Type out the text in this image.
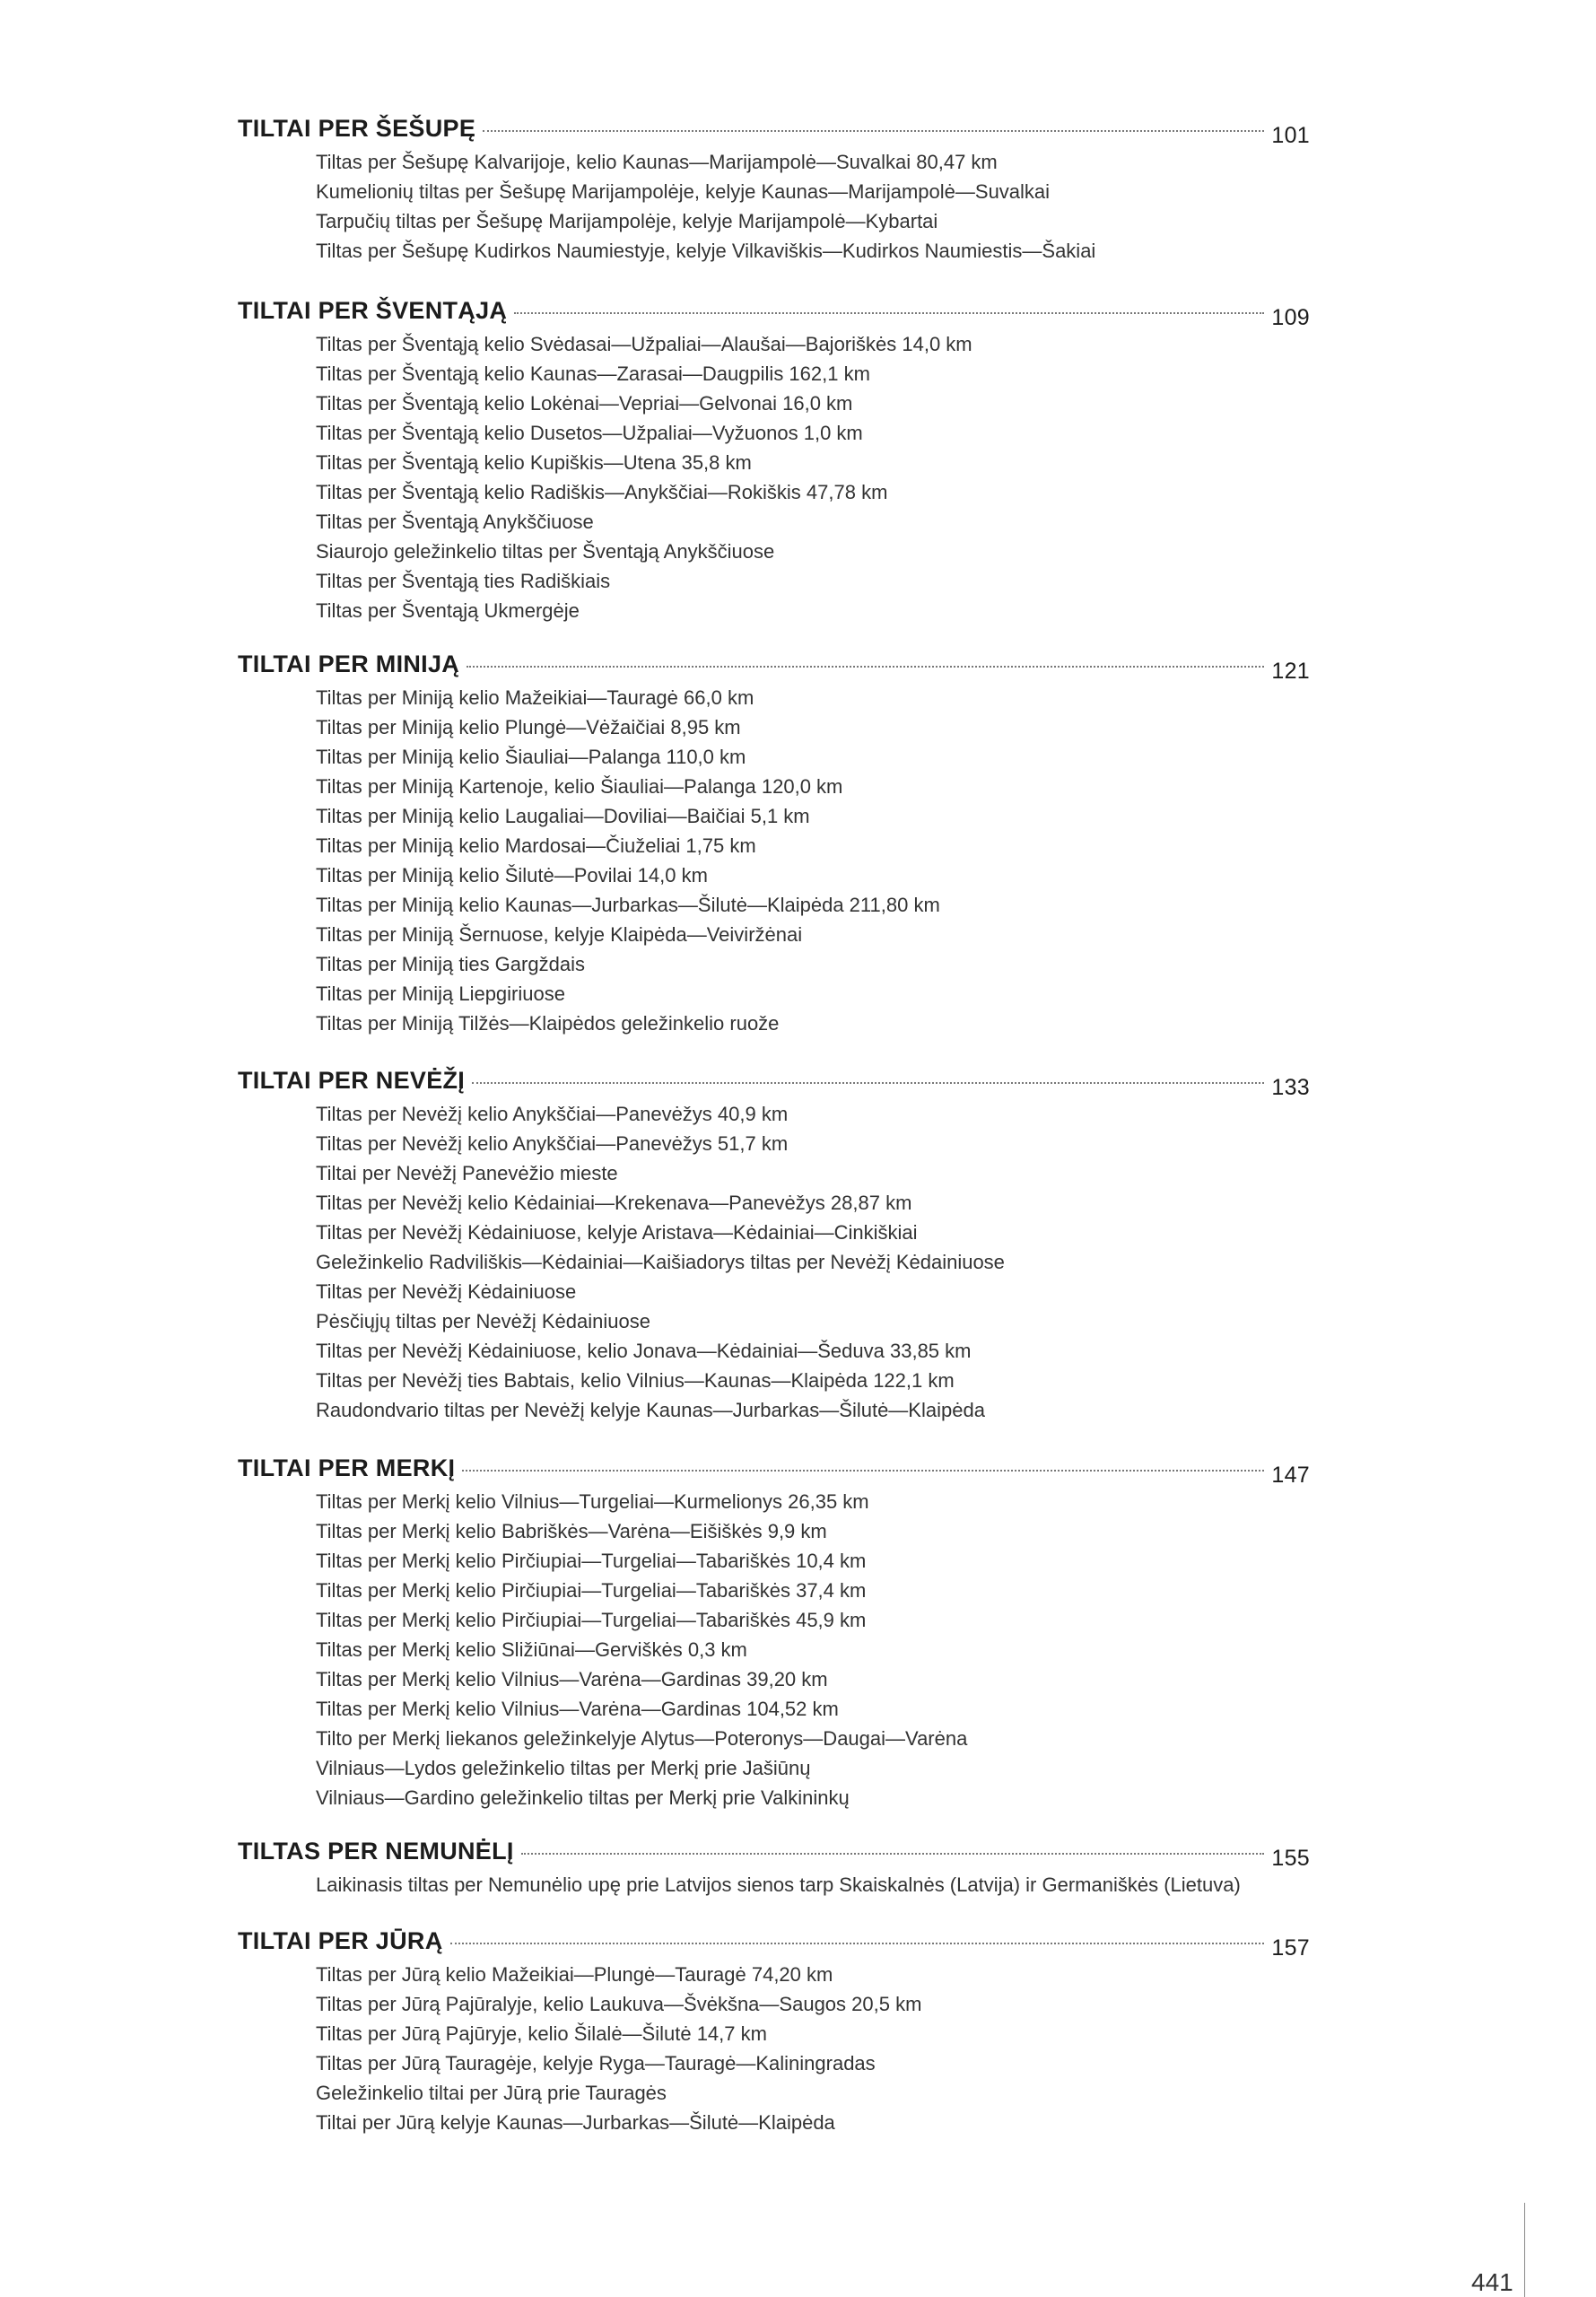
TILTAI PER ŠEŠUPĘ	101
Tiltas per Šešupę Kalvarijoje, kelio Kaunas—Marijampolė—Suvalkai 80,47 km
Kumelionių tiltas per Šešupę Marijampolėje, kelyje Kaunas—Marijampolė—Suvalkai
Tarpučių tiltas per Šešupę Marijampolėje, kelyje Marijampolė—Kybartai
Tiltas per Šešupę Kudirkos Naumiestyje, kelyje Vilkaviškis—Kudirkos Naumiestis—Šakiai
TILTAI PER ŠVENTĄJĄ	109
Tiltas per Šventąją kelio Svėdasai—Užpaliai—Alaušai—Bajoriškės 14,0 km
Tiltas per Šventąją kelio Kaunas—Zarasai—Daugpilis 162,1 km
Tiltas per Šventąją kelio Lokėnai—Vepriai—Gelvonai 16,0 km
Tiltas per Šventąją kelio Dusetos—Užpaliai—Vyžuonos 1,0 km
Tiltas per Šventąją kelio Kupiškis—Utena 35,8 km
Tiltas per Šventąją kelio Radiškis—Anykščiai—Rokiškis 47,78 km
Tiltas per Šventąją Anykščiuose
Siaurojo geležinkelio tiltas per Šventąją Anykščiuose
Tiltas per Šventąją ties Radiškiais
Tiltas per Šventąją Ukmergėje
TILTAI PER MINIJĄ	121
Tiltas per Miniją kelio Mažeikiai—Tauragė 66,0 km
Tiltas per Miniją kelio Plungė—Vėžaičiai 8,95 km
Tiltas per Miniją kelio Šiauliai—Palanga 110,0 km
Tiltas per Miniją Kartenoje, kelio Šiauliai—Palanga 120,0 km
Tiltas per Miniją kelio Laugaliai—Doviliai—Baičiai 5,1 km
Tiltas per Miniją kelio Mardosai—Čiuželiai 1,75 km
Tiltas per Miniją kelio Šilutė—Povilai 14,0 km
Tiltas per Miniją kelio Kaunas—Jurbarkas—Šilutė—Klaipėda 211,80 km
Tiltas per Miniją Šernuose, kelyje Klaipėda—Veiviržėnai
Tiltas per Miniją ties Gargždais
Tiltas per Miniją Liepgiriuose
Tiltas per Miniją Tilžės—Klaipėdos geležinkelio ruože
TILTAI PER NEVĖŽĮ	133
Tiltas per Nevėžį kelio Anykščiai—Panevėžys 40,9 km
Tiltas per Nevėžį kelio Anykščiai—Panevėžys 51,7 km
Tiltai per Nevėžį Panevėžio mieste
Tiltas per Nevėžį kelio Kėdainiai—Krekenava—Panevėžys 28,87 km
Tiltas per Nevėžį Kėdainiuose, kelyje Aristava—Kėdainiai—Cinkiškiai
Geležinkelio Radviliškis—Kėdainiai—Kaišiadorys tiltas per Nevėžį Kėdainiuose
Tiltas per Nevėžį Kėdainiuose
Pėsčiųjų tiltas per Nevėžį Kėdainiuose
Tiltas per Nevėžį Kėdainiuose, kelio Jonava—Kėdainiai—Šeduva 33,85 km
Tiltas per Nevėžį ties Babtais, kelio Vilnius—Kaunas—Klaipėda 122,1 km
Raudondvario tiltas per Nevėžį kelyje Kaunas—Jurbarkas—Šilutė—Klaipėda
TILTAI PER MERKĮ	147
Tiltas per Merkį kelio Vilnius—Turgeliai—Kurmelionys 26,35 km
Tiltas per Merkį kelio Babriškės—Varėna—Eišiškės 9,9 km
Tiltas per Merkį kelio Pirčiupiai—Turgeliai—Tabariškės 10,4 km
Tiltas per Merkį kelio Pirčiupiai—Turgeliai—Tabariškės 37,4 km
Tiltas per Merkį kelio Pirčiupiai—Turgeliai—Tabariškės 45,9 km
Tiltas per Merkį kelio Sližiūnai—Gerviškės 0,3 km
Tiltas per Merkį kelio Vilnius—Varėna—Gardinas 39,20 km
Tiltas per Merkį kelio Vilnius—Varėna—Gardinas 104,52 km
Tilto per Merkį liekanos geležinkelyje Alytus—Poteronys—Daugai—Varėna
Vilniaus—Lydos geležinkelio tiltas per Merkį prie Jašiūnų
Vilniaus—Gardino geležinkelio tiltas per Merkį prie Valkininkų
TILTAS PER NEMUNĖLĮ	155
Laikinasis tiltas per Nemunėlio upę prie Latvijos sienos tarp Skaiskalnės (Latvija) ir Germaniškės (Lietuva)
TILTAI PER JŪRĄ	157
Tiltas per Jūrą kelio Mažeikiai—Plungė—Tauragė 74,20 km
Tiltas per Jūrą Pajūralyje, kelio Laukuva—Švėkšna—Saugos 20,5 km
Tiltas per Jūrą Pajūryje, kelio Šilalė—Šilutė 14,7 km
Tiltas per Jūrą Tauragėje, kelyje Ryga—Tauragė—Kaliningradas
Geležinkelio tiltai per Jūrą prie Tauragės
Tiltai per Jūrą kelyje Kaunas—Jurbarkas—Šilutė—Klaipėda
441
